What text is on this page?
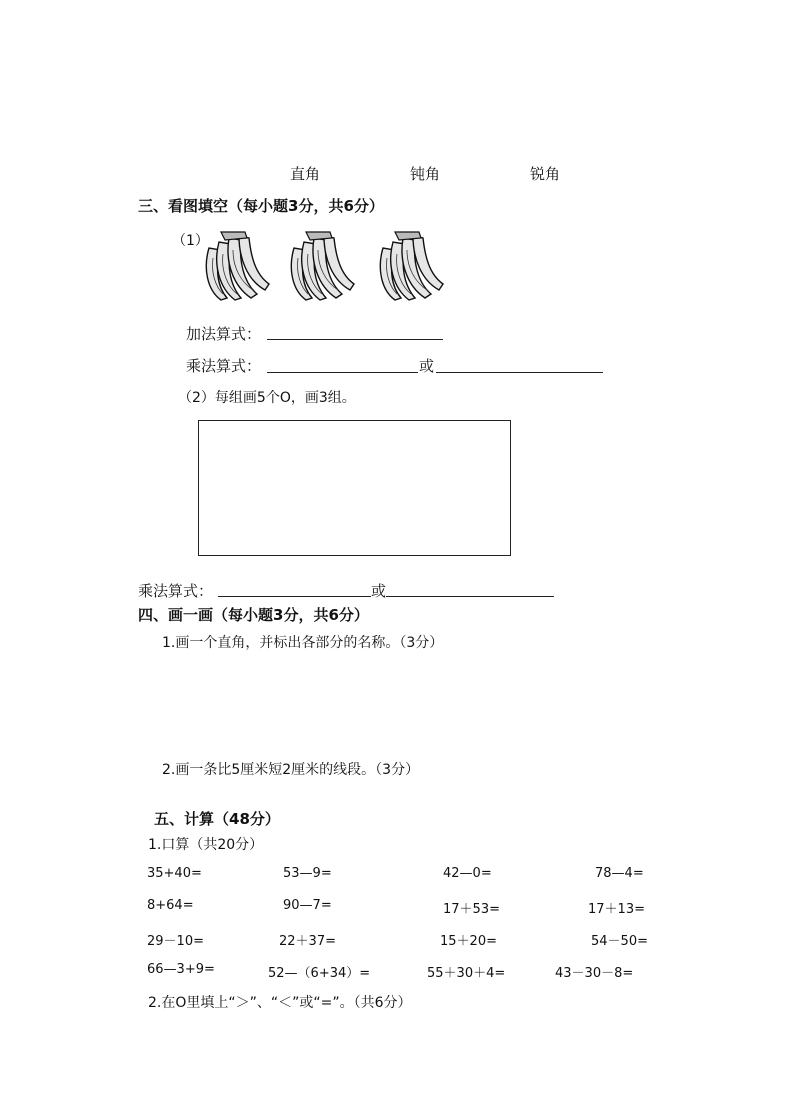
直角	钝角	锐角
三、看图填空（每小题3分，共6分）
（1）
加法算式：
乘法算式：	或
（2）每组画5个O，画3组。
乘法算式：	或
四、画一画（每小题3分，共6分）
1.画一个直角，并标出各部分的名称。（3分）
2.画一条比5厘米短2厘米的线段。（3分）
五、计算（48分）
1.口算（共20分）
35+40=	53—9=	42—0=	78—4=
8+64=	90—7=	17＋53=	17＋13=
29－10=	22＋37=	15＋20=	54－50=
66—3+9=	52—（6+34）=	55＋30＋4=	43－30－8=
2.在O里填上“＞”、“＜”或“=”。（共6分）
